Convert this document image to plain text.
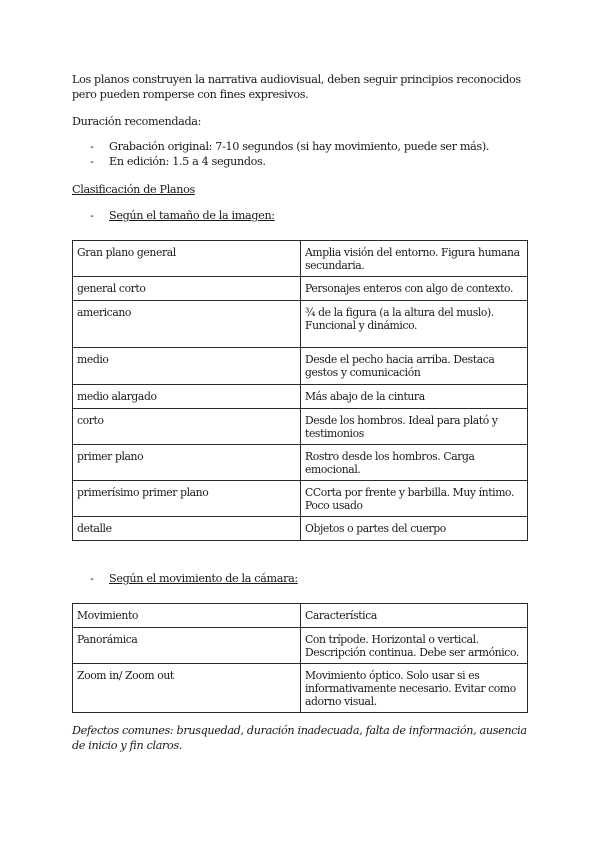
Los planos construyen la narrativa audiovisual, deben seguir principios reconocidos pero pueden romperse con fines expresivos.
Duración recomendada:
- Grabación original: 7-10 segundos (si hay movimiento, puede ser más).
- En edición: 1.5 a 4 segundos.
Clasificación de Planos
- Según el tamaño de la imagen:
Gran plano general	Amplia visión del entorno. Figura humana secundaria.
general corto	Personajes enteros con algo de contexto.
americano	¾ de la figura (a la altura del muslo). Funcional y dinámico.
medio	Desde el pecho hacia arriba. Destaca gestos y comunicación
medio alargado	Más abajo de la cintura
corto	Desde los hombros. Ideal para plató y testimonios
primer plano	Rostro desde los hombros. Carga emocional.
primerísimo primer plano	CCorta por frente y barbilla. Muy íntimo. Poco usado
detalle	Objetos o partes del cuerpo
- Según el movimiento de la cámara:
Movimiento	Característica
Panorámica	Con trípode. Horizontal o vertical. Descripción continua. Debe ser armónico.
Zoom in/ Zoom out	Movimiento óptico. Solo usar si es informativamente necesario. Evitar como adorno visual.
Defectos comunes: brusquedad, duración inadecuada, falta de información, ausencia de inicio y fin claros.
